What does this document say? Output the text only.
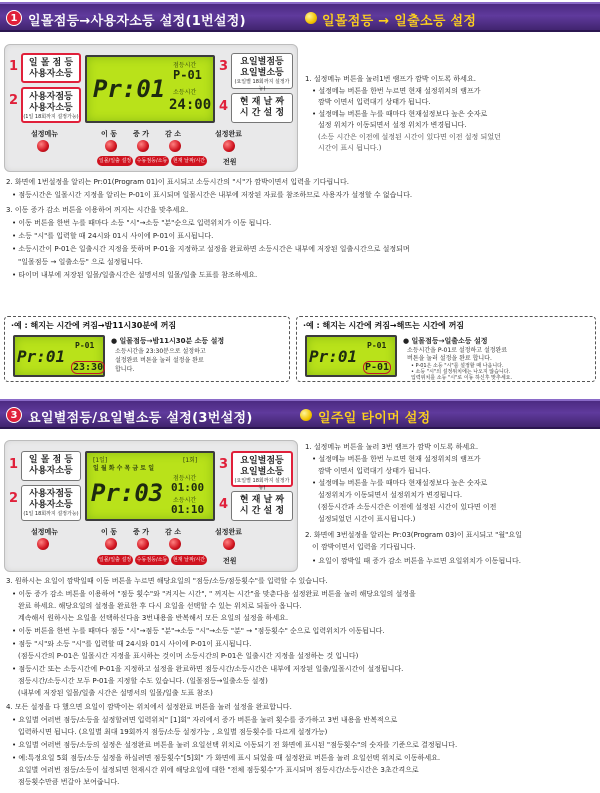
1 일몰점등→사용자소등 설정(1번설정)	일몰점등 → 일출소등 설정
1	일 몰 점 등
사용자소등
2	사용자점등
사용자소등
(1일 18회까지 설정가능)
Pr:01
점등시간
P-01
소등시간
24:00
3	요일별점등
요일별소등
(요일별 18회까지 설정가능)
4	현 재 날 짜
시 간 설 정
설정메뉴	이 동 증 가 감 소	설정완료
일몰/일출 설정	수동점등/소등	현재 날짜/시간	전원
1. 설정메뉴 버튼을 눌러1번 램프가 깜박 이도록 하세요.
• 설정메뉴 버튼을 한번 누르면 현재 설정위치의 램프가
깜박 이면서 입력대기 상태가 됩니다.
• 설정메뉴 버튼을 누를 때마다 현재설정보다 높은 숫자로
설정 위치가 이동되면서 설정 위치가 변경됩니다.
(소등 시간은 이전에 설정된 시간이 있다면 이전 설정 되었던
시간이 표시 됩니다.)
2. 화면에 1번설정을 알리는 Pr:01(Program 01)이 표시되고 소등시간의 "시"가 깜박이면서 입력을 기다립니다.
• 점등시간은 일몰시간 지정을 알리는 P-01이 표시되며 일몰시간은 내부에 저장된 자료를 참조하므로 사용자가 설정할 수 없습니다.
3. 이동 증가 감소 버튼을 이용하여 꺼지는 시간을 맞추세요.
• 이동 버튼을 한번 누를 때마다 소등 "시"→소등 "분"순으로 입력위치가 이동 됩니다.
• 소등 "시"를 입력할 때 24시와 01시 사이에 P-01이 표시됩니다.
• 소등시간이 P-01은 일출시간 지정을 뜻하며 P-01을 지정하고 설정을 완료하면 소등시간은 내부에 저장된 일출시간으로 설정되며
"일몰점등 → 일출소등" 으로 설정됩니다.
• 타이머 내부에 저장된 일몰/일출시간은 설명서의 일몰/일출 도표를 참조하세요.
·예 : 해지는 시간에 켜짐→밤11시30분에 꺼짐
Pr:01
P-01
23:30
● 일몰점등→밤11시30분 소등 설정
소등시간을 23:30분으로 설정하고
설정완료 버튼을 눌러 설정을 완료
합니다.
·예 : 해지는 시간에 켜짐→해뜨는 시간에 꺼짐
Pr:01
P-01
P-01
● 일몰점등→일출소등 설정
소등시간을 P-01로 설정하고 설정완료
버튼을 눌러 설정을 완료 합니다.
• P-01은 소등 "시"를 설정할 때 나옵니다.
• 소등 "시"의 설정위치에는 나오지 않습니다.
입력위치를 소등 "시"로 이동 하신후 맞추세요.
3 요일별점등/요일별소등 설정(3번설정)	일주일 타이머 설정
1	일 몰 점 등
사용자소등
2	사용자점등
사용자소등
(1일 18회까지 설정가능)
[1일]	[1회]
일 월 화 수 목 금 토 일
Pr:03
점등시간
01:00
소등시간
01:10
3	요일별점등
요일별소등
(요일별 18회까지 설정가능)
4	현 재 날 짜
시 간 설 정
설정메뉴	이 동 증 가 감 소	설정완료
일몰/일출 설정	수동점등/소등	현재 날짜/시간	전원
1. 설정메뉴 버튼을 눌러 3번 램프가 깜박 이도록 하세요.
• 설정메뉴 버튼을 한번 누르면 현재 설정위치의 램프가
깜박 이면서 입력대기 상태가 됩니다.
• 설정메뉴 버튼을 누를 때마다 현재설정보다 높은 숫자로
설정위치가 이동되면서 설정위치가 변경됩니다.
(점등시간과 소등시간은 이전에 설정된 시간이 있다면 이전
설정되었던 시간이 표시됩니다.)
2. 화면에 3번설정을 알리는 Pr:03(Program 03)이 표시되고 "월"요일
이 깜박이면서 입력을 기다립니다.
• 요일이 깜박일 때 증가 감소 버튼을 누르면 요일위치가 이동됩니다.
3. 원하시는 요일이 깜박일때 이동 버튼을 누르면 해당요일의 "점등/소등/점등횟수"를 입력할 수 있습니다.
• 이동 증가 감소 버튼을 이용하여 "점등 횟수"와 "켜지는 시간", " 꺼지는 시간"을 맞춘다음 설정완료 버튼을 눌러 해당요일의 설정을
완료 하세요. 해당요일의 설정을 완료한 후 다시 요일을 선택할 수 있는 위치로 되돌아 옵니다.
계속해서 원하시는 요일을 선택하신다음 3번내용을 반복해서 모든 요일의 설정을 하세요.
• 이동 버튼을 한번 누를 때마다 점등 "시"→점등 "분"→소등 "시"→소등 "분" → "점등횟수" 순으로 입력위치가 이동됩니다.
• 점등 "시"와 소등 "시"를 입력할 때 24시와 01시 사이에 P-01이 표시됩니다.
(점등시간의 P-01은 일몰시간 지정을 표시하는 것이며 소등시간의 P-01은 일출시간 지정을 설정하는 것 입니다)
• 점등시간 또는 소등시간에 P-01을 지정하고 설정을 완료하면 점등시간/소등시간은 내부에 저장된 일출/일몰시간이 설정됩니다.
점등시간/소등시간 모두 P-01을 지정할 수도 있습니다. (일몰점등→일출소등 설정)
(내부에 저장된 일몰/일출 시간은 설명서의 일몰/일출 도표 참조)
4. 모든 설정을 다 했으면 요일이 깜박이는 위치에서 설정완료 버튼을 눌러 설정을 완료합니다.
• 요일별 여러번 점등/소등을 설정할려면 입력위치" [1]회" 자리에서 증가 버튼을 눌러 횟수를 증가하고 3번 내용을 반복적으로
입력하시면 됩니다. (요일별 최대 19회까지 점등/소등 설정가능 , 요일별 점등횟수를 다르게 설정가능)
• 요일별 여러번 점등/소등의 설정은 설정완료 버튼을 눌러 요일선택 위치로 이동되기 전 화면에 표시된 "점등횟수"의 숫자를 기준으로 결정됩니다.
• 예:특정요일 5회 점등/소등 설정을 하실려면 점등횟수"[5]회" 가 화면에 표시 되었을 때 설정완료 버튼을 눌러 요일선택 위치로 이동하세요.
요일별 여러번 점등/소등이 설정되면 현재시간 위에 해당요일에 대한 "전체 점등횟수"가 표시되며 점등시간/소등시간은 3초간격으로
점등횟수만큼 번갈아 보여줍니다.
